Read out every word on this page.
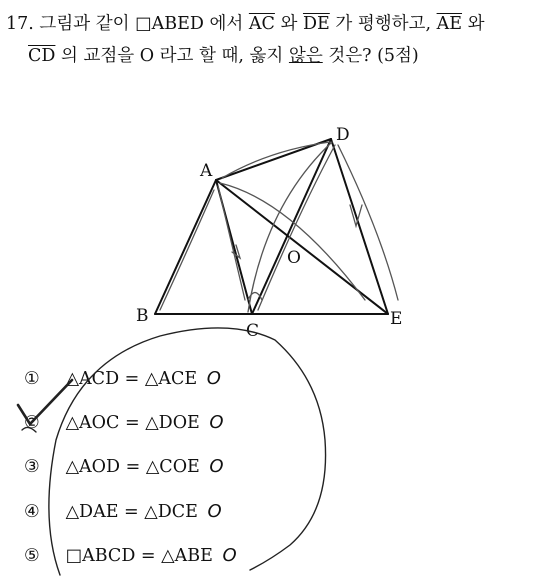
17. 그림과 같이 □ABED 에서 $\overline{AC}$ 와 $\overline{DE}$ 가 평행하고, $\overline{AE}$ 와
$\overline{CD}$ 의 교점을 O 라고 할 때, 옳지 않은 것은? (5점)
A
B
C
D
E
O
① △ACD = △ACE O
② △AOC = △DOE O
③ △AOD = △COE O
④ △DAE = △DCE O
⑤ □ABCD = △ABE O
